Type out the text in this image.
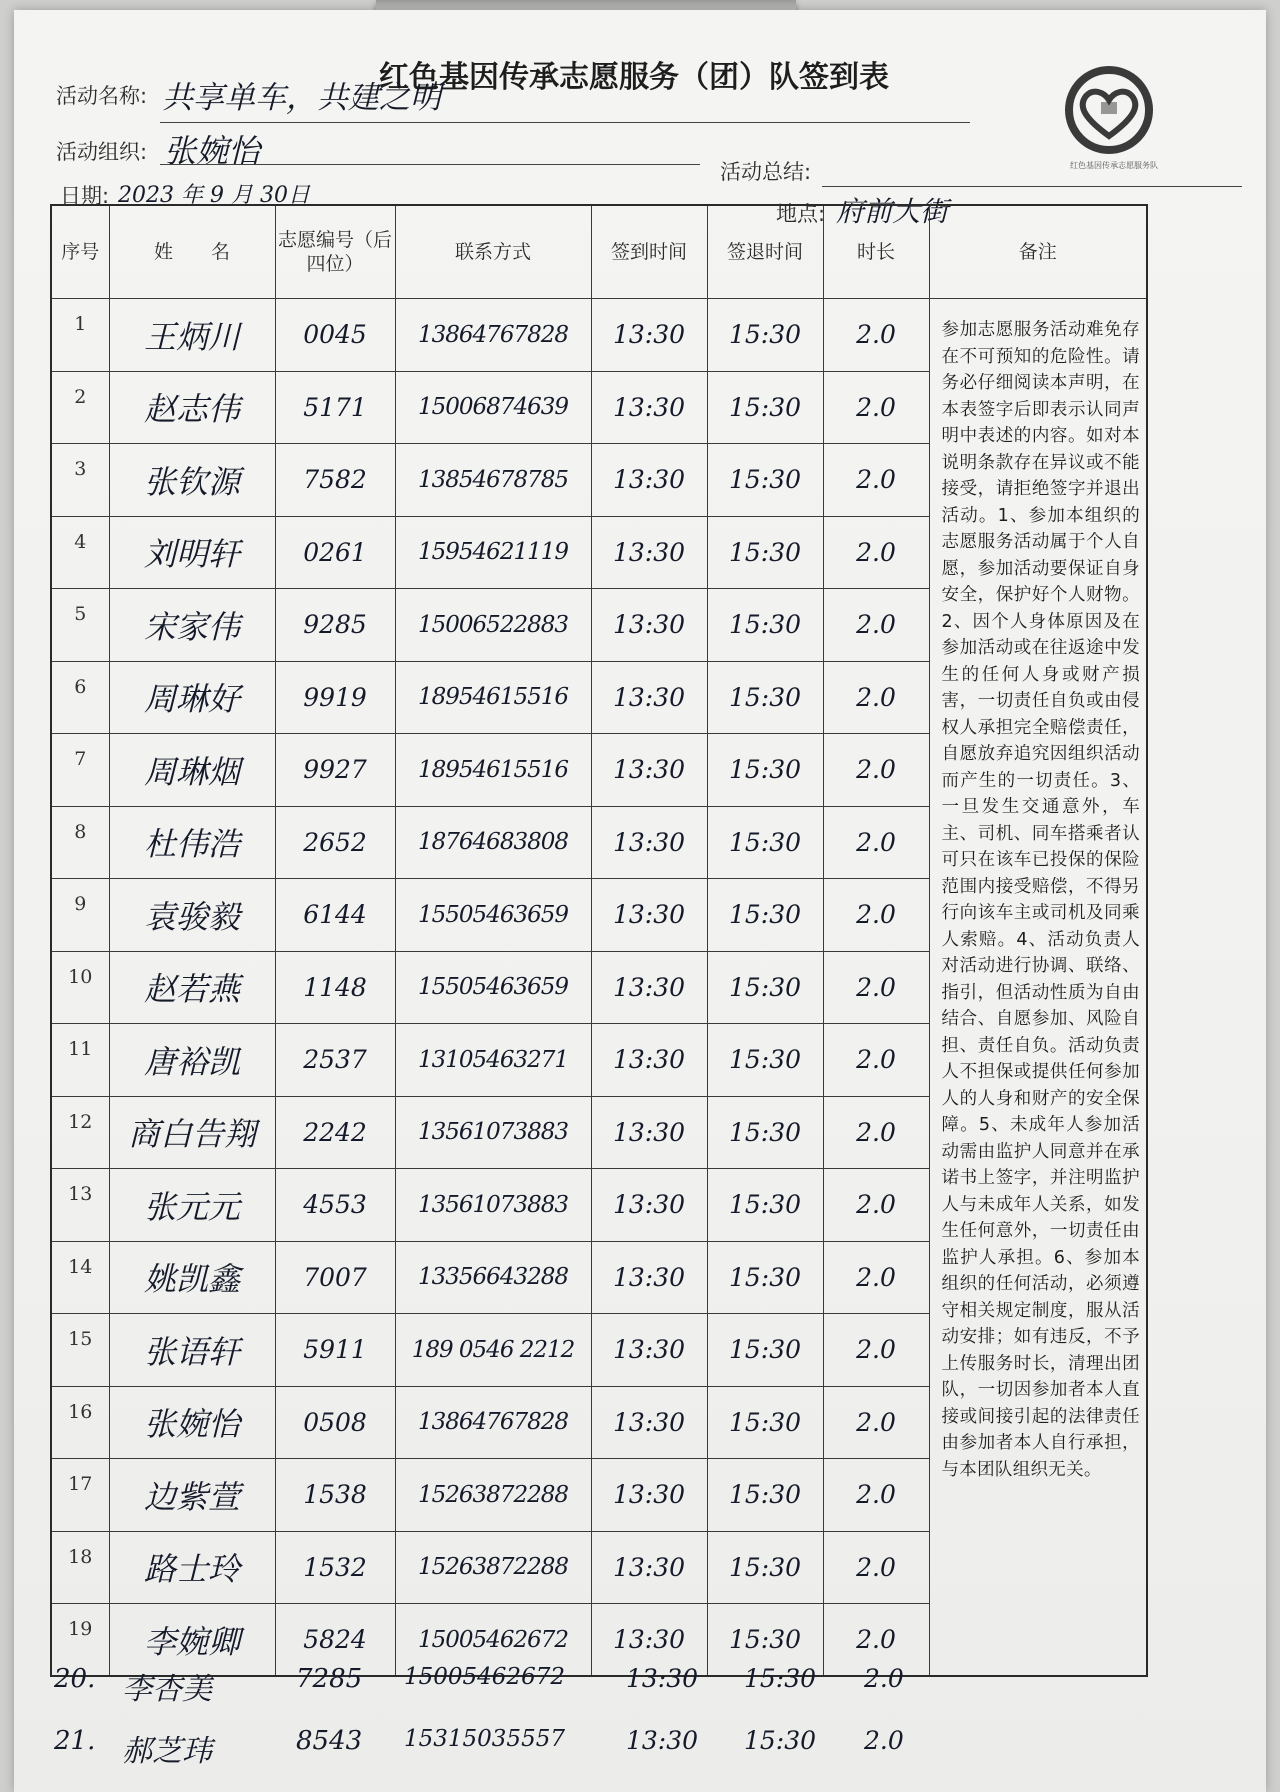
红色基因传承志愿服务（团）队签到表
活动名称: 共享单车，共建之明
活动组织: 张婉怡
活动总结:
日期: 2023 年 9 月 30日
地点: 府前大街
红色基因传承志愿服务队
序号	姓　　名	志愿编号（后四位）	联系方式	签到时间	签退时间	时长	备注
1	王炳川	0045	13864767828	13:30	15:30	2.0	参加志愿服务活动难免存在不可预知的危险性。请务必仔细阅读本声明，在本表签字后即表示认同声明中表述的内容。如对本说明条款存在异议或不能接受，请拒绝签字并退出活动。1、参加本组织的志愿服务活动属于个人自愿，参加活动要保证自身安全，保护好个人财物。2、因个人身体原因及在参加活动或在往返途中发生的任何人身或财产损害，一切责任自负或由侵权人承担完全赔偿责任，自愿放弃追究因组织活动而产生的一切责任。3、一旦发生交通意外，车主、司机、同车搭乘者认可只在该车已投保的保险范围内接受赔偿，不得另行向该车主或司机及同乘人索赔。4、活动负责人对活动进行协调、联络、指引，但活动性质为自由结合、自愿参加、风险自担、责任自负。活动负责人不担保或提供任何参加人的人身和财产的安全保障。5、未成年人参加活动需由监护人同意并在承诺书上签字，并注明监护人与未成年人关系，如发生任何意外，一切责任由监护人承担。6、参加本组织的任何活动，必须遵守相关规定制度，服从活动安排；如有违反，不予上传服务时长，清理出团队，一切因参加者本人直接或间接引起的法律责任由参加者本人自行承担，与本团队组织无关。
2	赵志伟	5171	15006874639	13:30	15:30	2.0	
3	张钦源	7582	13854678785	13:30	15:30	2.0	
4	刘明轩	0261	15954621119	13:30	15:30	2.0	
5	宋家伟	9285	15006522883	13:30	15:30	2.0	
6	周琳好	9919	18954615516	13:30	15:30	2.0	
7	周琳烟	9927	18954615516	13:30	15:30	2.0	
8	杜伟浩	2652	18764683808	13:30	15:30	2.0	
9	袁骏毅	6144	15505463659	13:30	15:30	2.0	
10	赵若燕	1148	15505463659	13:30	15:30	2.0	
11	唐裕凯	2537	13105463271	13:30	15:30	2.0	
12	商白告翔	2242	13561073883	13:30	15:30	2.0	
13	张元元	4553	13561073883	13:30	15:30	2.0	
14	姚凯鑫	7007	13356643288	13:30	15:30	2.0	
15	张语轩	5911	189 0546 2212	13:30	15:30	2.0	
16	张婉怡	0508	13864767828	13:30	15:30	2.0	
17	边紫萱	1538	15263872288	13:30	15:30	2.0	
18	路士玲	1532	15263872288	13:30	15:30	2.0	
19	李婉卿	5824	15005462672	13:30	15:30	2.0	
20. 李杏美	7285 15005462672 13:30 15:30 2.0
21. 郝芝玮	8543 15315035557 13:30 15:30 2.0
